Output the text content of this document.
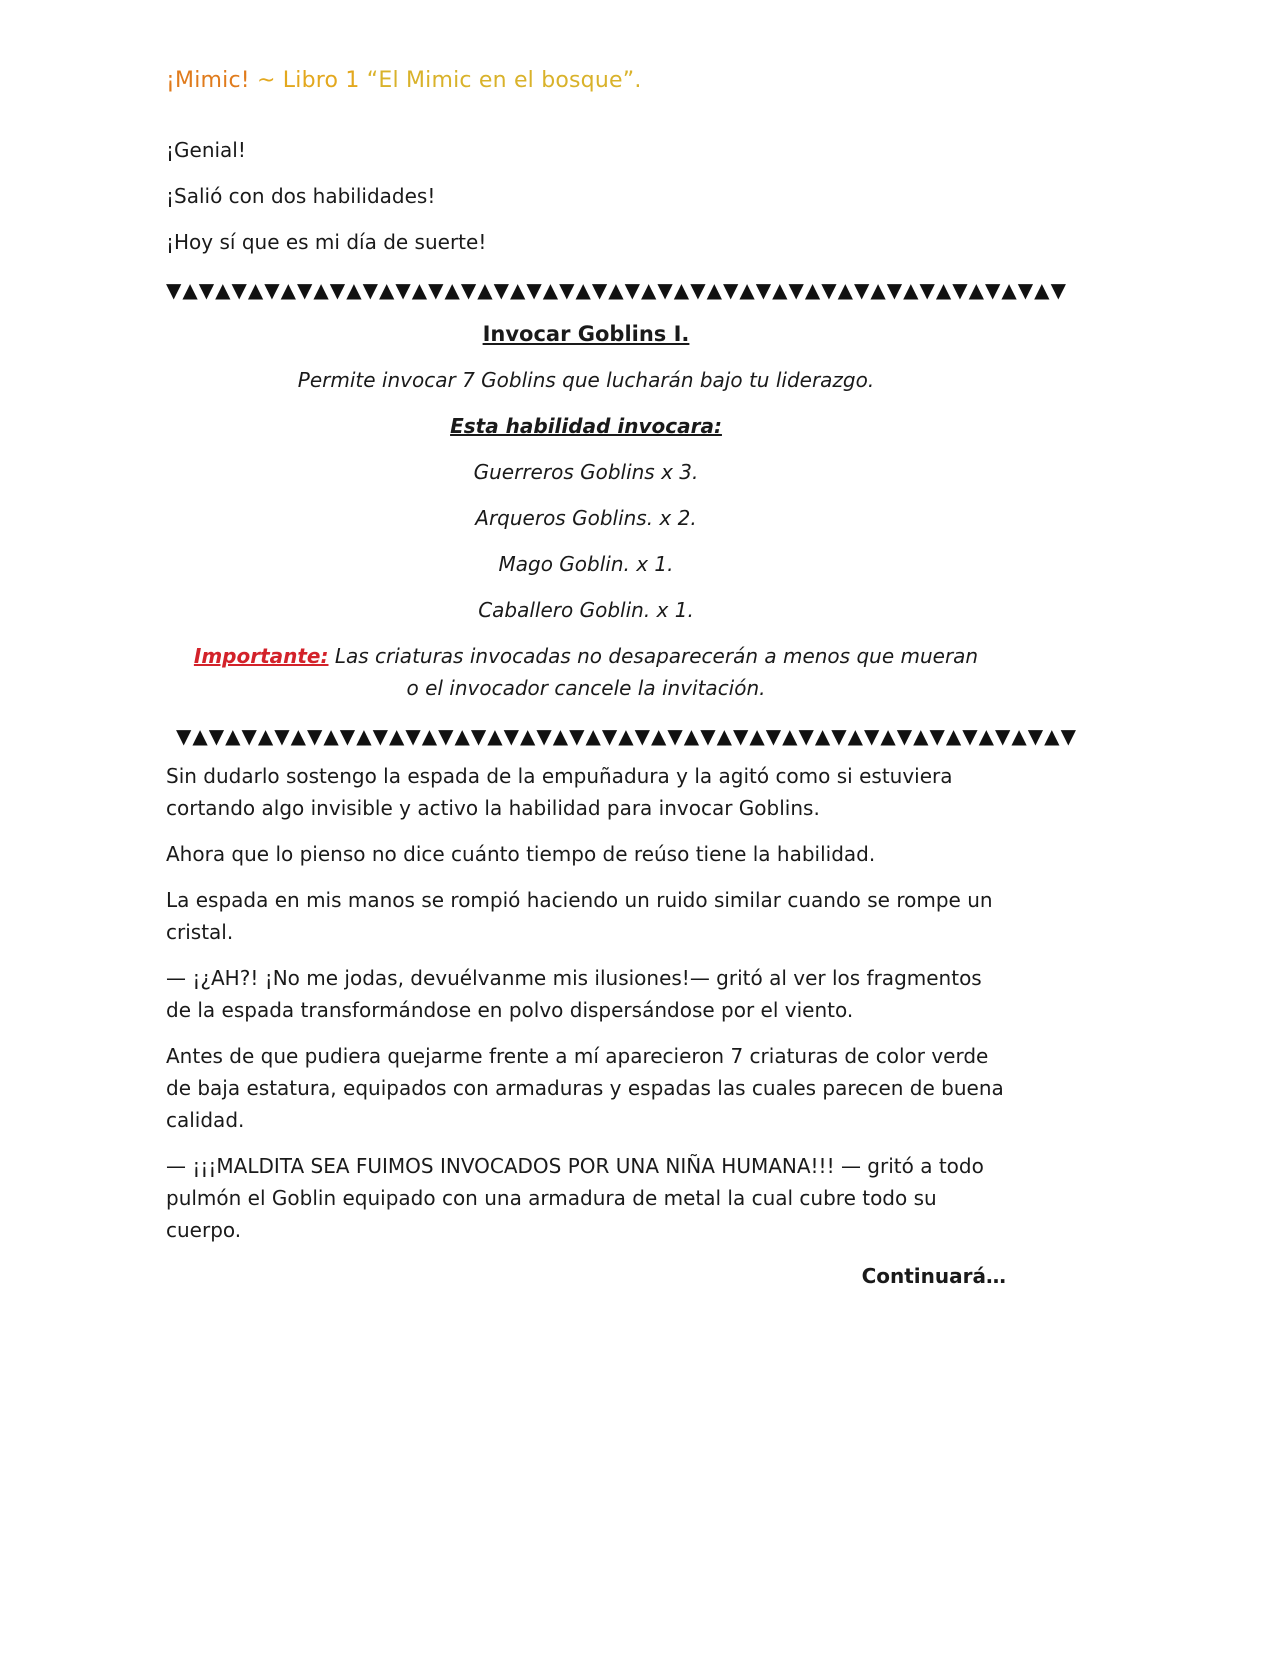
¡Mimic! ~ Libro 1 “El Mimic en el bosque”.
¡Genial!
¡Salió con dos habilidades!
¡Hoy sí que es mi día de suerte!
▼▲▼▲▼▲▼▲▼▲▼▲▼▲▼▲▼▲▼▲▼▲▼▲▼▲▼▲▼▲▼▲▼▲▼▲▼▲▼▲▼▲▼▲▼▲▼▲▼▲▼▲▼▲▼
Invocar Goblins I.
Permite invocar 7 Goblins que lucharán bajo tu liderazgo.
Esta habilidad invocara:
Guerreros Goblins x 3.
Arqueros Goblins. x 2.
Mago Goblin. x 1.
Caballero Goblin. x 1.
Importante: Las criaturas invocadas no desaparecerán a menos que mueran o el invocador cancele la invitación.
▼▲▼▲▼▲▼▲▼▲▼▲▼▲▼▲▼▲▼▲▼▲▼▲▼▲▼▲▼▲▼▲▼▲▼▲▼▲▼▲▼▲▼▲▼▲▼▲▼▲▼▲▼▲▼
Sin dudarlo sostengo la espada de la empuñadura y la agitó como si estuviera cortando algo invisible y activo la habilidad para invocar Goblins.
Ahora que lo pienso no dice cuánto tiempo de reúso tiene la habilidad.
La espada en mis manos se rompió haciendo un ruido similar cuando se rompe un cristal.
— ¡¿AH?! ¡No me jodas, devuélvanme mis ilusiones!— gritó al ver los fragmentos de la espada transformándose en polvo dispersándose por el viento.
Antes de que pudiera quejarme frente a mí aparecieron 7 criaturas de color verde de baja estatura, equipados con armaduras y espadas las cuales parecen de buena calidad.
— ¡¡¡MALDITA SEA FUIMOS INVOCADOS POR UNA NIÑA HUMANA!!! — gritó a todo pulmón el Goblin equipado con una armadura de metal la cual cubre todo su cuerpo.
Continuará…
